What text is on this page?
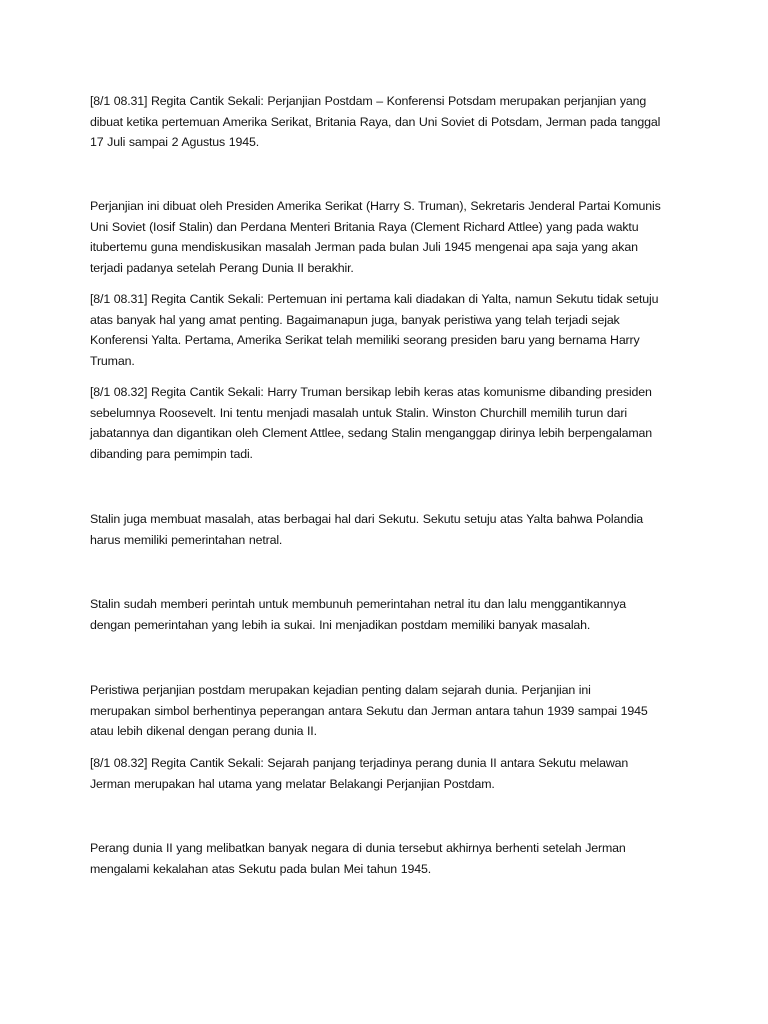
[8/1 08.31] Regita Cantik Sekali: Perjanjian Postdam – Konferensi Potsdam merupakan perjanjian yang
dibuat ketika pertemuan Amerika Serikat, Britania Raya, dan Uni Soviet di Potsdam, Jerman pada tanggal
17 Juli sampai 2 Agustus 1945.

Perjanjian ini dibuat oleh Presiden Amerika Serikat (Harry S. Truman), Sekretaris Jenderal Partai Komunis
Uni Soviet (Iosif Stalin) dan Perdana Menteri Britania Raya (Clement Richard Attlee) yang pada waktu
itubertemu guna mendiskusikan masalah Jerman pada bulan Juli 1945 mengenai apa saja yang akan
terjadi padanya setelah Perang Dunia II berakhir.

[8/1 08.31] Regita Cantik Sekali: Pertemuan ini pertama kali diadakan di Yalta, namun Sekutu tidak setuju
atas banyak hal yang amat penting. Bagaimanapun juga, banyak peristiwa yang telah terjadi sejak
Konferensi Yalta. Pertama, Amerika Serikat telah memiliki seorang presiden baru yang bernama Harry
Truman.

[8/1 08.32] Regita Cantik Sekali: Harry Truman bersikap lebih keras atas komunisme dibanding presiden
sebelumnya Roosevelt. Ini tentu menjadi masalah untuk Stalin. Winston Churchill memilih turun dari
jabatannya dan digantikan oleh Clement Attlee, sedang Stalin menganggap dirinya lebih berpengalaman
dibanding para pemimpin tadi.

Stalin juga membuat masalah, atas berbagai hal dari Sekutu. Sekutu setuju atas Yalta bahwa Polandia
harus memiliki pemerintahan netral.

Stalin sudah memberi perintah untuk membunuh pemerintahan netral itu dan lalu menggantikannya
dengan pemerintahan yang lebih ia sukai. Ini menjadikan postdam memiliki banyak masalah.

Peristiwa perjanjian postdam merupakan kejadian penting dalam sejarah dunia. Perjanjian ini
merupakan simbol berhentinya peperangan antara Sekutu dan Jerman antara tahun 1939 sampai 1945
atau lebih dikenal dengan perang dunia II.

[8/1 08.32] Regita Cantik Sekali: Sejarah panjang terjadinya perang dunia II antara Sekutu melawan
Jerman merupakan hal utama yang melatar Belakangi Perjanjian Postdam.

Perang dunia II yang melibatkan banyak negara di dunia tersebut akhirnya berhenti setelah Jerman
mengalami kekalahan atas Sekutu pada bulan Mei tahun 1945.
